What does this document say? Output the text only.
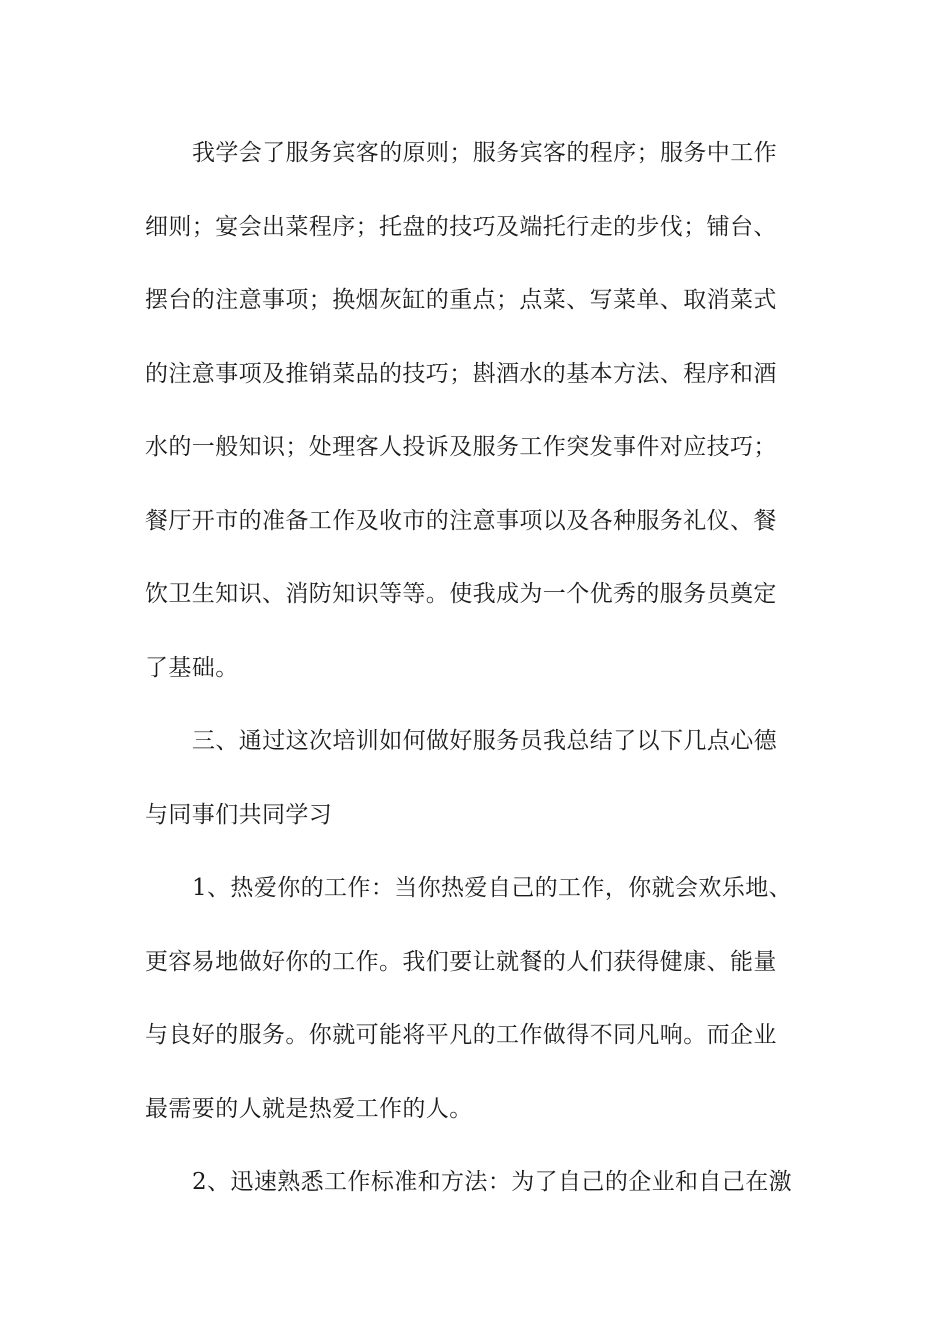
我学会了服务宾客的原则；服务宾客的程序；服务中工作
细则；宴会出菜程序；托盘的技巧及端托行走的步伐；铺台、
摆台的注意事项；换烟灰缸的重点；点菜、写菜单、取消菜式
的注意事项及推销菜品的技巧；斟酒水的基本方法、程序和酒
水的一般知识；处理客人投诉及服务工作突发事件对应技巧；
餐厅开市的准备工作及收市的注意事项以及各种服务礼仪、餐
饮卫生知识、消防知识等等。使我成为一个优秀的服务员奠定
了基础。
三、通过这次培训如何做好服务员我总结了以下几点心德
与同事们共同学习
1、热爱你的工作：当你热爱自己的工作，你就会欢乐地、
更容易地做好你的工作。我们要让就餐的人们获得健康、能量
与良好的服务。你就可能将平凡的工作做得不同凡响。而企业
最需要的人就是热爱工作的人。
2、迅速熟悉工作标准和方法：为了自己的企业和自己在激
